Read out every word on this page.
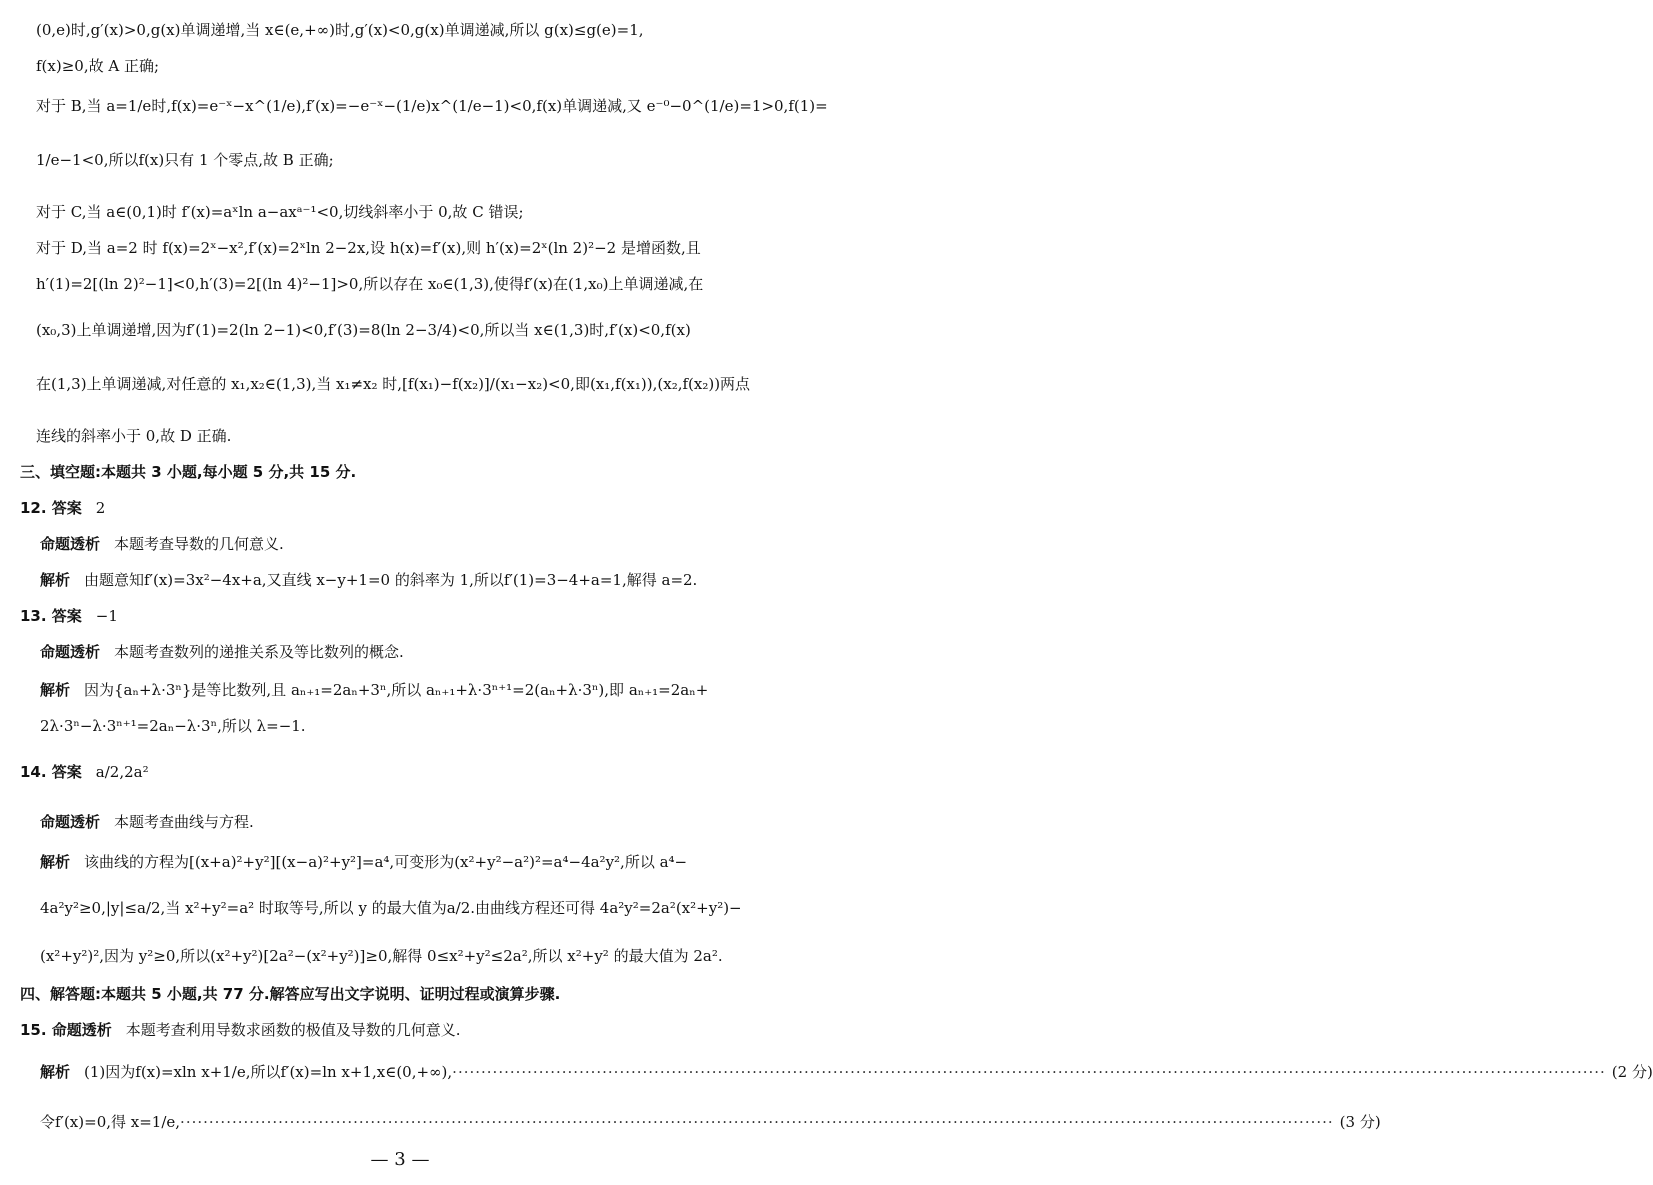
(0,e)时,g′(x)>0,g(x)单调递增,当 x∈(e,+∞)时,g′(x)<0,g(x)单调递减,所以 g(x)≤g(e)=1,
f(x)≥0,故 A 正确;
对于 B,当 a=1/e时,f(x)=e⁻ˣ−x^(1/e),f′(x)=−e⁻ˣ−(1/e)x^(1/e−1)<0,f(x)单调递减,又 e⁻⁰−0^(1/e)=1>0,f(1)=
1/e−1<0,所以f(x)只有 1 个零点,故 B 正确;
对于 C,当 a∈(0,1)时 f′(x)=aˣln a−axᵃ⁻¹<0,切线斜率小于 0,故 C 错误;
对于 D,当 a=2 时 f(x)=2ˣ−x²,f′(x)=2ˣln 2−2x,设 h(x)=f′(x),则 h′(x)=2ˣ(ln 2)²−2 是增函数,且
h′(1)=2[(ln 2)²−1]<0,h′(3)=2[(ln 4)²−1]>0,所以存在 x₀∈(1,3),使得f′(x)在(1,x₀)上单调递减,在
(x₀,3)上单调递增,因为f′(1)=2(ln 2−1)<0,f′(3)=8(ln 2−3/4)<0,所以当 x∈(1,3)时,f′(x)<0,f(x)
在(1,3)上单调递减,对任意的 x₁,x₂∈(1,3),当 x₁≠x₂ 时,[f(x₁)−f(x₂)]/(x₁−x₂)<0,即(x₁,f(x₁)),(x₂,f(x₂))两点
连线的斜率小于 0,故 D 正确.
三、填空题:本题共 3 小题,每小题 5 分,共 15 分.
12. 答案 2
命题透析 本题考查导数的几何意义.
解析 由题意知f′(x)=3x²−4x+a,又直线 x−y+1=0 的斜率为 1,所以f′(1)=3−4+a=1,解得 a=2.
13. 答案 −1
命题透析 本题考查数列的递推关系及等比数列的概念.
解析 因为{aₙ+λ·3ⁿ}是等比数列,且 aₙ₊₁=2aₙ+3ⁿ,所以 aₙ₊₁+λ·3ⁿ⁺¹=2(aₙ+λ·3ⁿ),即 aₙ₊₁=2aₙ+
2λ·3ⁿ−λ·3ⁿ⁺¹=2aₙ−λ·3ⁿ,所以 λ=−1.
14. 答案 a/2,2a²
命题透析 本题考查曲线与方程.
解析 该曲线的方程为[(x+a)²+y²][(x−a)²+y²]=a⁴,可变形为(x²+y²−a²)²=a⁴−4a²y²,所以 a⁴−
4a²y²≥0,|y|≤a/2,当 x²+y²=a² 时取等号,所以 y 的最大值为a/2.由曲线方程还可得 4a²y²=2a²(x²+y²)−
(x²+y²)²,因为 y²≥0,所以(x²+y²)[2a²−(x²+y²)]≥0,解得 0≤x²+y²≤2a²,所以 x²+y² 的最大值为 2a².
四、解答题:本题共 5 小题,共 77 分.解答应写出文字说明、证明过程或演算步骤.
15. 命题透析 本题考查利用导数求函数的极值及导数的几何意义.
解析 (1)因为f(x)=xln x+1/e,所以f′(x)=ln x+1,x∈(0,+∞), ········································································································································································································ (2 分)
令f′(x)=0,得 x=1/e, ········································································································································································································ (3 分)
— 3 —
